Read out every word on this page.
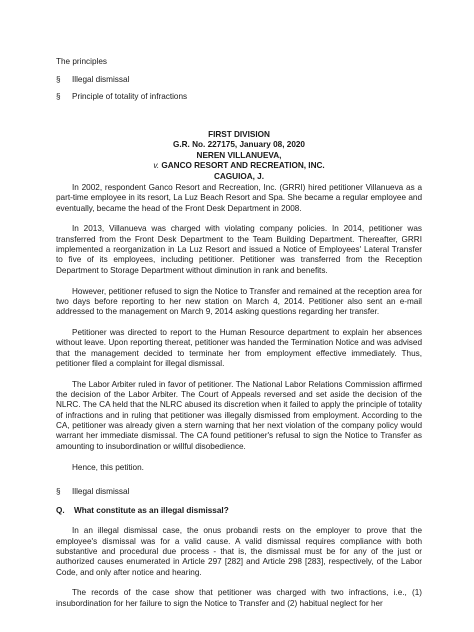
The principles
§ Illegal dismissal
§ Principle of totality of infractions
FIRST DIVISION
G.R. No. 227175, January 08, 2020
NEREN VILLANUEVA,
v. GANCO RESORT AND RECREATION, INC.
CAGUIOA, J.

In 2002, respondent Ganco Resort and Recreation, Inc. (GRRI) hired petitioner Villanueva as a part-time employee in its resort, La Luz Beach Resort and Spa. She became a regular employee and eventually, became the head of the Front Desk Department in 2008.

In 2013, Villanueva was charged with violating company policies. In 2014, petitioner was transferred from the Front Desk Department to the Team Building Department. Thereafter, GRRI implemented a reorganization in La Luz Resort and issued a Notice of Employees' Lateral Transfer to five of its employees, including petitioner. Petitioner was transferred from the Reception Department to Storage Department without diminution in rank and benefits.

However, petitioner refused to sign the Notice to Transfer and remained at the reception area for two days before reporting to her new station on March 4, 2014. Petitioner also sent an e-mail addressed to the management on March 9, 2014 asking questions regarding her transfer.

Petitioner was directed to report to the Human Resource department to explain her absences without leave. Upon reporting thereat, petitioner was handed the Termination Notice and was advised that the management decided to terminate her from employment effective immediately. Thus, petitioner filed a complaint for illegal dismissal.

The Labor Arbiter ruled in favor of petitioner. The National Labor Relations Commission affirmed the decision of the Labor Arbiter. The Court of Appeals reversed and set aside the decision of the NLRC. The CA held that the NLRC abused its discretion when it failed to apply the principle of totality of infractions and in ruling that petitioner was illegally dismissed from employment. According to the CA, petitioner was already given a stern warning that her next violation of the company policy would warrant her immediate dismissal. The CA found petitioner's refusal to sign the Notice to Transfer as amounting to insubordination or willful disobedience.

Hence, this petition.

§ Illegal dismissal
Q. What constitute as an illegal dismissal?

In an illegal dismissal case, the onus probandi rests on the employer to prove that the employee's dismissal was for a valid cause. A valid dismissal requires compliance with both substantive and procedural due process - that is, the dismissal must be for any of the just or authorized causes enumerated in Article 297 [282] and Article 298 [283], respectively, of the Labor Code, and only after notice and hearing.

The records of the case show that petitioner was charged with two infractions, i.e., (1) insubordination for her failure to sign the Notice to Transfer and (2) habitual neglect for her
